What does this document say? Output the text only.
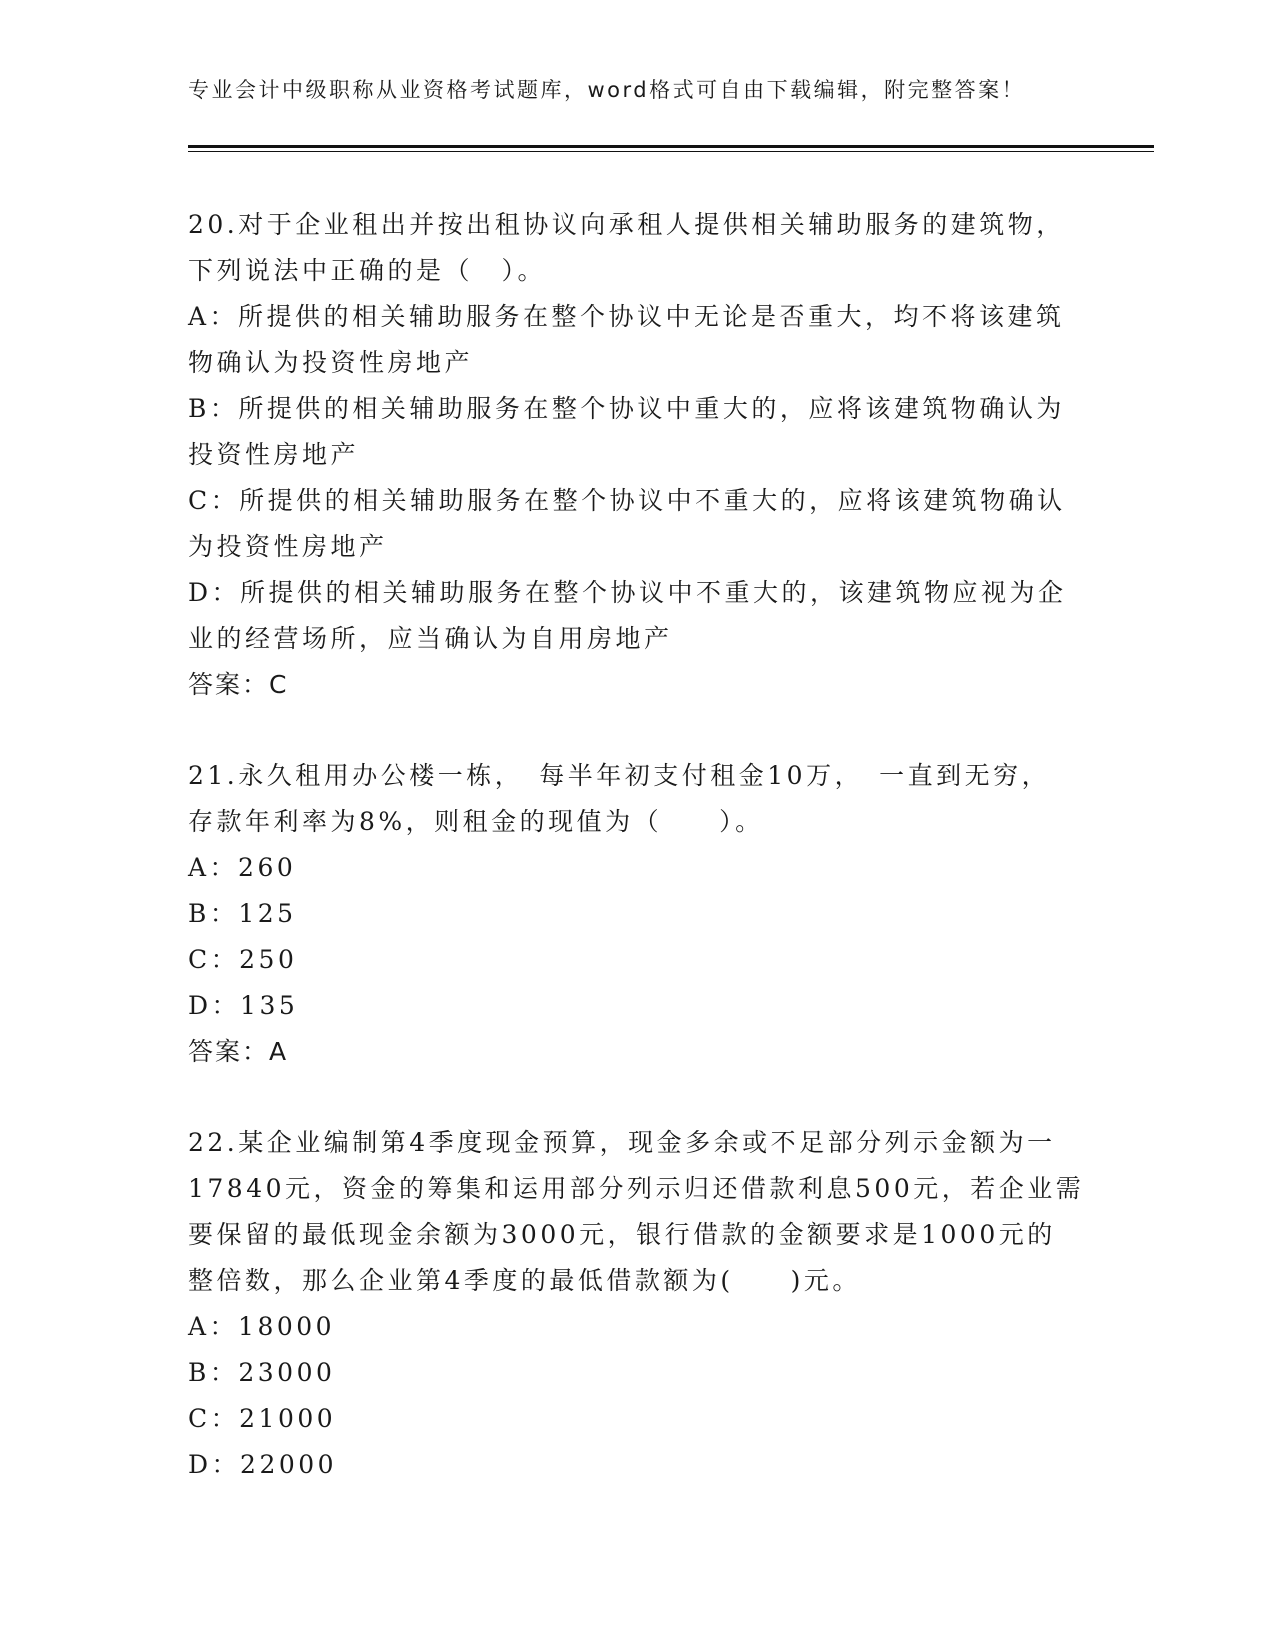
专业会计中级职称从业资格考试题库，word格式可自由下载编辑，附完整答案！
20.对于企业租出并按出租协议向承租人提供相关辅助服务的建筑物，
下列说法中正确的是（　）。
A：所提供的相关辅助服务在整个协议中无论是否重大，均不将该建筑
物确认为投资性房地产
B：所提供的相关辅助服务在整个协议中重大的，应将该建筑物确认为
投资性房地产
C：所提供的相关辅助服务在整个协议中不重大的，应将该建筑物确认
为投资性房地产
D：所提供的相关辅助服务在整个协议中不重大的，该建筑物应视为企
业的经营场所，应当确认为自用房地产
答案：C
21.永久租用办公楼一栋，　每半年初支付租金10万，　一直到无穷，
存款年利率为8%，则租金的现值为（　　）。
A：260
B：125
C：250
D：135
答案：A
22.某企业编制第4季度现金预算，现金多余或不足部分列示金额为一
17840元，资金的筹集和运用部分列示归还借款利息500元，若企业需
要保留的最低现金余额为3000元，银行借款的金额要求是1000元的
整倍数，那么企业第4季度的最低借款额为(　　)元。
A：18000
B：23000
C：21000
D：22000
